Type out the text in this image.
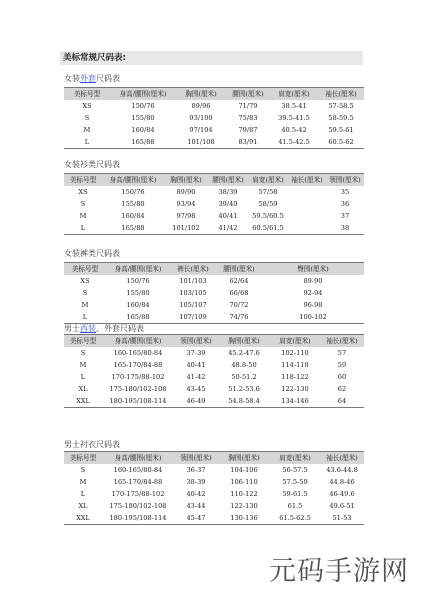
美标常规尺码表:
女装外套尺码表
美标号型	身高/腰围(厘米)	胸围(厘米)	腰围(厘米)	肩宽(厘米)	袖长(厘米)
XS	150/76	89/96	71/79	38.5-41	57-58.5
S	155/80	93/100	75/83	39.5-41.5	58-59.5
M	160/84	97/104	79/87	40.5-42	59.5-61
L	165/88	101/108	83/91	41.5-42.5	60.5-62
女装衫类尺码表
美标号型	身高/腰围(厘米)	胸围(厘米)	腰围(厘米)	肩宽(厘米)	袖长(厘米)	领围(厘米)
XS	150/76	89/90	38/39	57/58		35
S	155/80	93/94	39/40	58/59		36
M	160/84	97/98	40/41	59.5/60.5		37
L	165/88	101/102	41/42	60.5/61.5		38
女装裤类尺码表
美标号型	身高/腰围(厘米)	裤长(厘米)	腰围(厘米)	臀围(厘米)
XS	150/76	101/103	62/64	89-90
S	155/80	103/105	66/68	92-94
M	160/84	105/107	70/72	96-98
L	165/88	107/109	74/76	100-102
男士西装、外套尺码表
美标号型	身高/腰围(厘米)	领围(厘米)	胸围(厘米)	肩宽(厘米)	袖长(厘米)
S	160-165/80-84	37-39	45.2-47.6	102-110	57
M	165-170/84-88	40-41	48.8-50	114-118	59
L	170-175/88-102	41-42	50-51.2	118-122	60
XL	175-180/102-108	43-45	51.2-53.6	122-130	62
XXL	180-195/108-114	46-49	54.8-58.4	134-146	64
男士衬衣尺码表
美标号型	身高/腰围(厘米)	领围(厘米)	胸围(厘米)	肩宽(厘米)	袖长(厘米)
S	160-165/80-84	36-37	104-106	56-57.5	43.6-44.8
M	165-170/84-88	38-39	106-110	57.5-59	44.8-46
L	170-175/88-102	40-42	110-122	59-61.5	46-49.6
XL	175-180/102-108	43-44	122-130	61.5	49.6-51
XXL	180-195/108-114	45-47	130-136	61.5-62.5	51-53
元码手游网
